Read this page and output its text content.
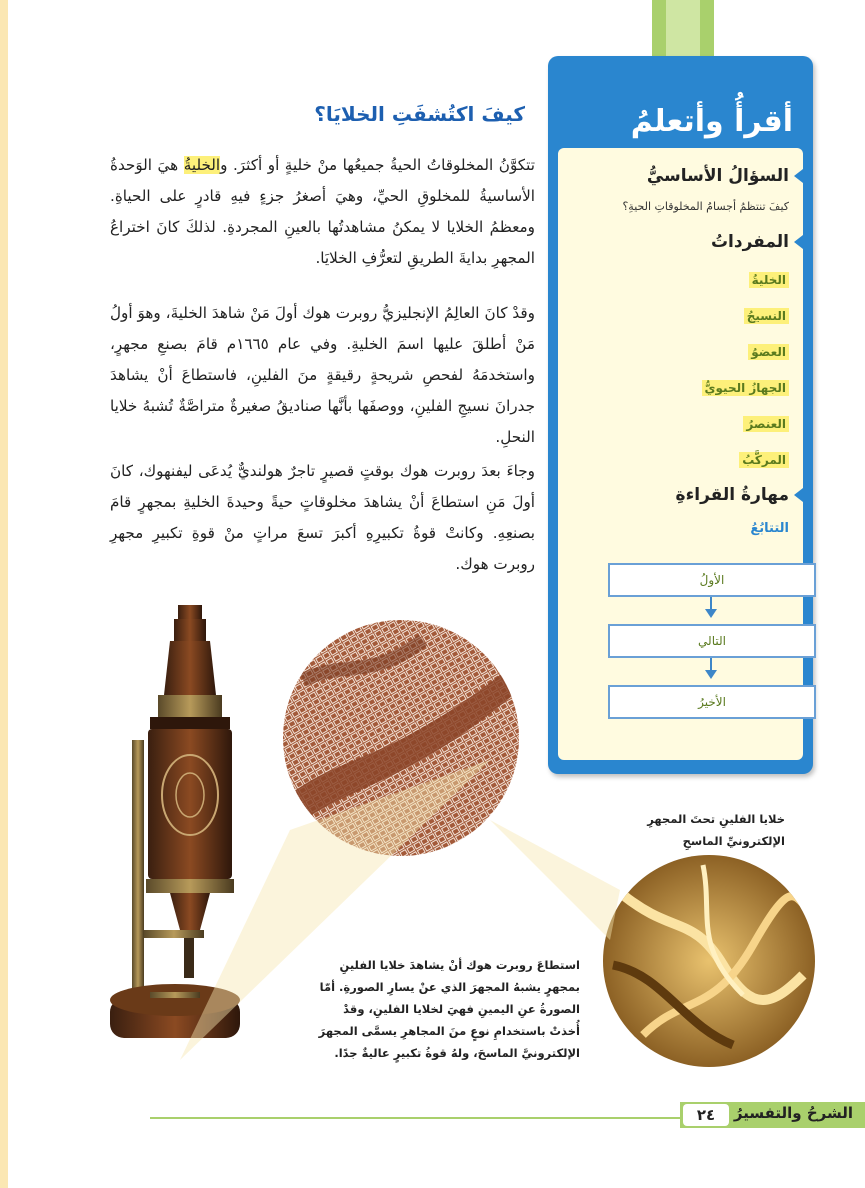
أقرأُ وأتعلمُ
السؤالُ الأساسيُّ
كيفَ تنتظمُ أجسامُ المخلوقاتِ الحيةِ؟
المفرداتُ
الخليةُ
النسيجُ
العضوُ
الجهازُ الحيويُّ
العنصرُ
المركَّبُ
مهارةُ القراءةِ
التتابُعُ
الأولُ
التالي
الأخيرُ
كيفَ اكتُشفَتِ الخلايَا؟
تتكوَّنُ المخلوقاتُ الحيةُ جميعُها منْ خليةٍ أو أكثرَ. والخليةُ هيَ الوَحدةُ الأساسيةُ للمخلوقِ الحيِّ، وهيَ أصغرُ جزءٍ فيهِ قادرٍ على الحياةِ. ومعظمُ الخلايا لا يمكنُ مشاهدتُها بالعينِ المجردةِ. لذلكَ كانَ اختراعُ المجهرِ بدايةَ الطريقِ لتعرُّفِ الخلايَا.
وقدْ كانَ العالِمُ الإنجليزيُّ روبرت هوك أولَ مَنْ شاهدَ الخليةَ، وهوَ أولُ مَنْ أطلقَ عليها اسمَ الخليةِ. وفي عام ١٦٦٥م قامَ بصنعِ مجهرٍ، واستخدمَهُ لفحصِ شريحةٍ رقيقةٍ منَ الفلينِ، فاستطاعَ أنْ يشاهدَ جدرانَ نسيجِ الفلينِ، ووصفَها بأنَّها صناديقُ صغيرةٌ متراصَّةٌ تُشبهُ خلايا النحلِ.
وجاءَ بعدَ روبرت هوك بوقتٍ قصيرٍ تاجرٌ هولنديٌّ يُدعَى ليفنهوك، كانَ أولَ مَنِ استطاعَ أنْ يشاهدَ مخلوقاتٍ حيةً وحيدةَ الخليةِ بمجهرٍ قامَ بصنعِهِ. وكانتْ قوةُ تكبيرِهِ أكبرَ تسعَ مراتٍ منْ قوةِ تكبيرِ مجهرِ روبرت هوك.
خلايا الفلينِ تحتَ المجهرِ الإلكترونيِّ الماسحِ
استطاعَ روبرت هوك أنْ يشاهدَ خلايا الفلينِ بمجهرٍ يشبهُ المجهرَ الذي عنْ يسارِ الصورةِ. أمّا الصورةُ عنِ اليمينِ فهيَ لخلايا الفلينِ، وقدْ أُخذتْ باستخدامِ نوعٍ منَ المجاهرِ يسمَّى المجهرَ الإلكترونيَّ الماسحَ، ولهُ قوةُ تكبيرٍ عاليةٌ جدًا.
الشرحُ والتفسيرُ
٢٤
